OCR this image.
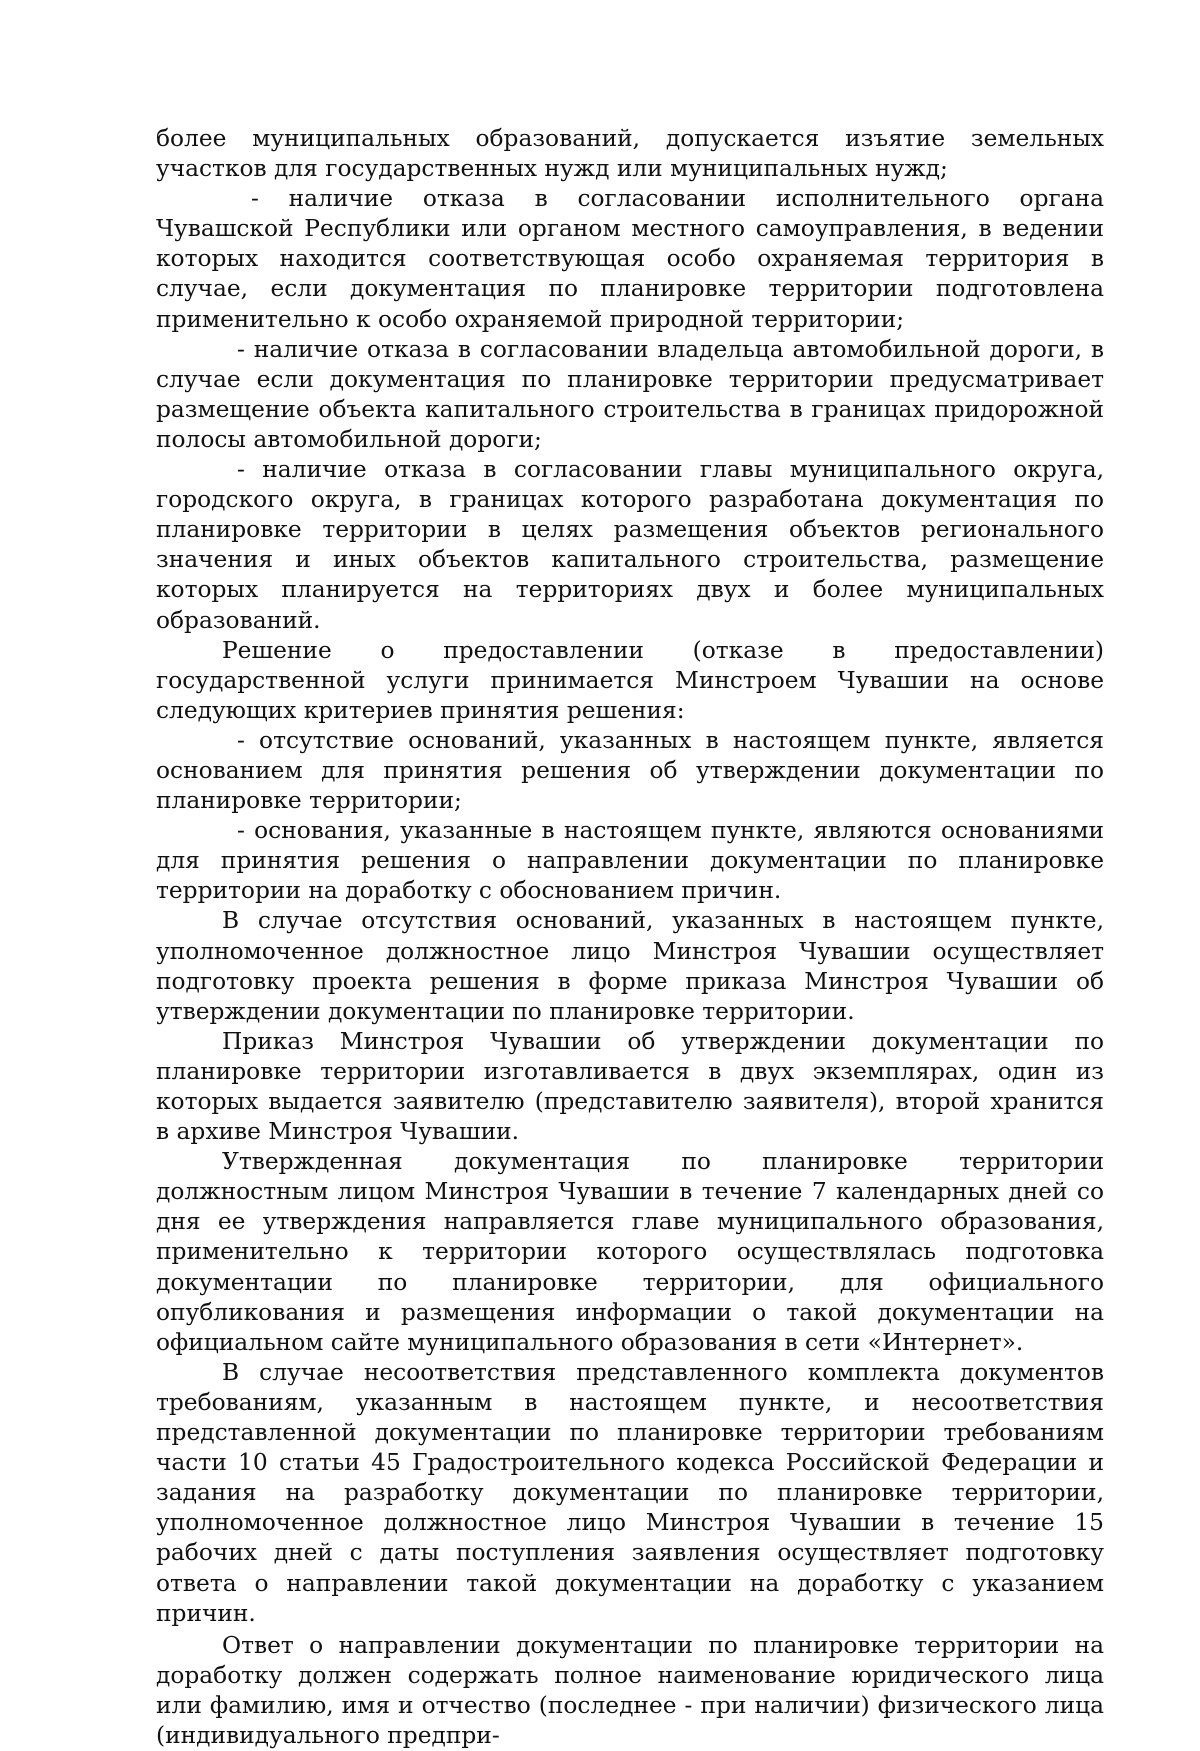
более муниципальных образований, допускается изъятие земельных участков для государственных нужд или муниципальных нужд;

- наличие отказа в согласовании исполнительного органа Чувашской Республики или органом местного самоуправления, в ведении которых находится соответствующая особо охраняемая территория в случае, если документация по планировке территории подготовлена применительно к особо охраняемой природной территории;

- наличие отказа в согласовании владельца автомобильной дороги, в случае если документация по планировке территории предусматривает размещение объекта капитального строительства в границах придорожной полосы автомобильной дороги;

- наличие отказа в согласовании главы муниципального округа, городского округа, в границах которого разработана документация по планировке территории в целях размещения объектов регионального значения и иных объектов капитального строительства, размещение которых планируется на территориях двух и более муниципальных образований.

Решение о предоставлении (отказе в предоставлении) государственной услуги принимается Минстроем Чувашии на основе следующих критериев принятия решения:

- отсутствие оснований, указанных в настоящем пункте, является основанием для принятия решения об утверждении документации по планировке территории;

- основания, указанные в настоящем пункте, являются основаниями для принятия решения о направлении документации по планировке территории на доработку с обоснованием причин.

В случае отсутствия оснований, указанных в настоящем пункте, уполномоченное должностное лицо Минстроя Чувашии осуществляет подготовку проекта решения в форме приказа Минстроя Чувашии об утверждении документации по планировке территории.

Приказ Минстроя Чувашии об утверждении документации по планировке территории изготавливается в двух экземплярах, один из которых выдается заявителю (представителю заявителя), второй хранится в архиве Минстроя Чувашии.

Утвержденная документация по планировке территории должностным лицом Минстроя Чувашии в течение 7 календарных дней со дня ее утверждения направляется главе муниципального образования, применительно к территории которого осуществлялась подготовка документации по планировке территории, для официального опубликования и размещения информации о такой документации на официальном сайте муниципального образования в сети «Интернет».

В случае несоответствия представленного комплекта документов требованиям, указанным в настоящем пункте, и несоответствия представленной документации по планировке территории требованиям части 10 статьи 45 Градостроительного кодекса Российской Федерации и задания на разработку документации по планировке территории, уполномоченное должностное лицо Минстроя Чувашии в течение 15 рабочих дней с даты поступления заявления осуществляет подготовку ответа о направлении такой документации на доработку с указанием причин.

Ответ о направлении документации по планировке территории на доработку должен содержать полное наименование юридического лица или фамилию, имя и отчество (последнее - при наличии) физического лица (индивидуального предпри-
